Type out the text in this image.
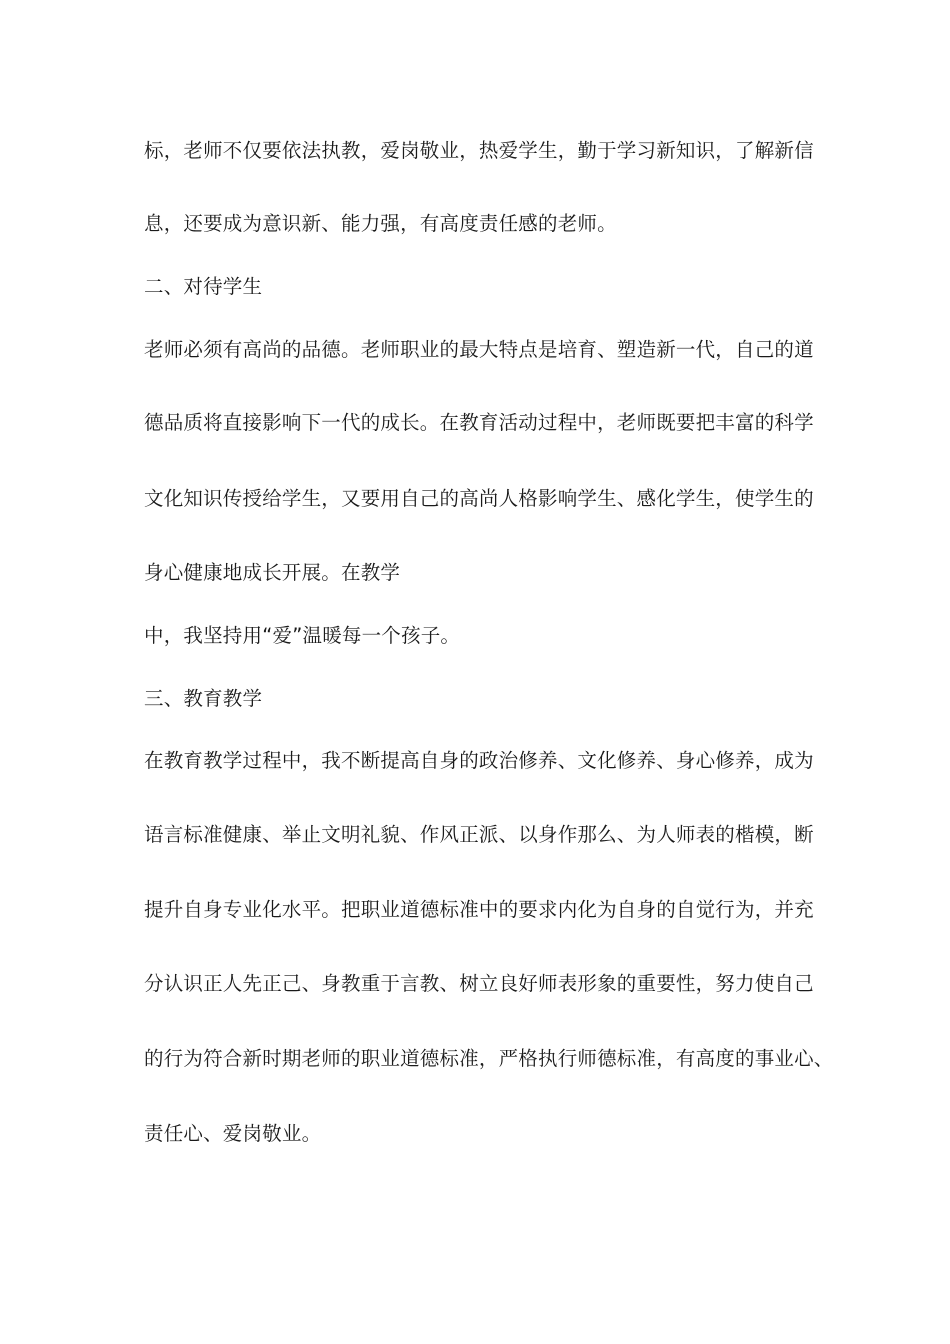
标，老师不仅要依法执教，爱岗敬业，热爱学生，勤于学习新知识，了解新信
息，还要成为意识新、能力强，有高度责任感的老师。
二、对待学生
老师必须有高尚的品德。老师职业的最大特点是培育、塑造新一代，自己的道
德品质将直接影响下一代的成长。在教育活动过程中，老师既要把丰富的科学
文化知识传授给学生，又要用自己的高尚人格影响学生、感化学生，使学生的
身心健康地成长开展。在教学
中，我坚持用“爱”温暖每一个孩子。
三、教育教学
在教育教学过程中，我不断提高自身的政治修养、文化修养、身心修养，成为
语言标准健康、举止文明礼貌、作风正派、以身作那么、为人师表的楷模，断
提升自身专业化水平。把职业道德标准中的要求内化为自身的自觉行为，并充
分认识正人先正己、身教重于言教、树立良好师表形象的重要性，努力使自己
的行为符合新时期老师的职业道德标准，严格执行师德标准，有高度的事业心、
责任心、爱岗敬业。
